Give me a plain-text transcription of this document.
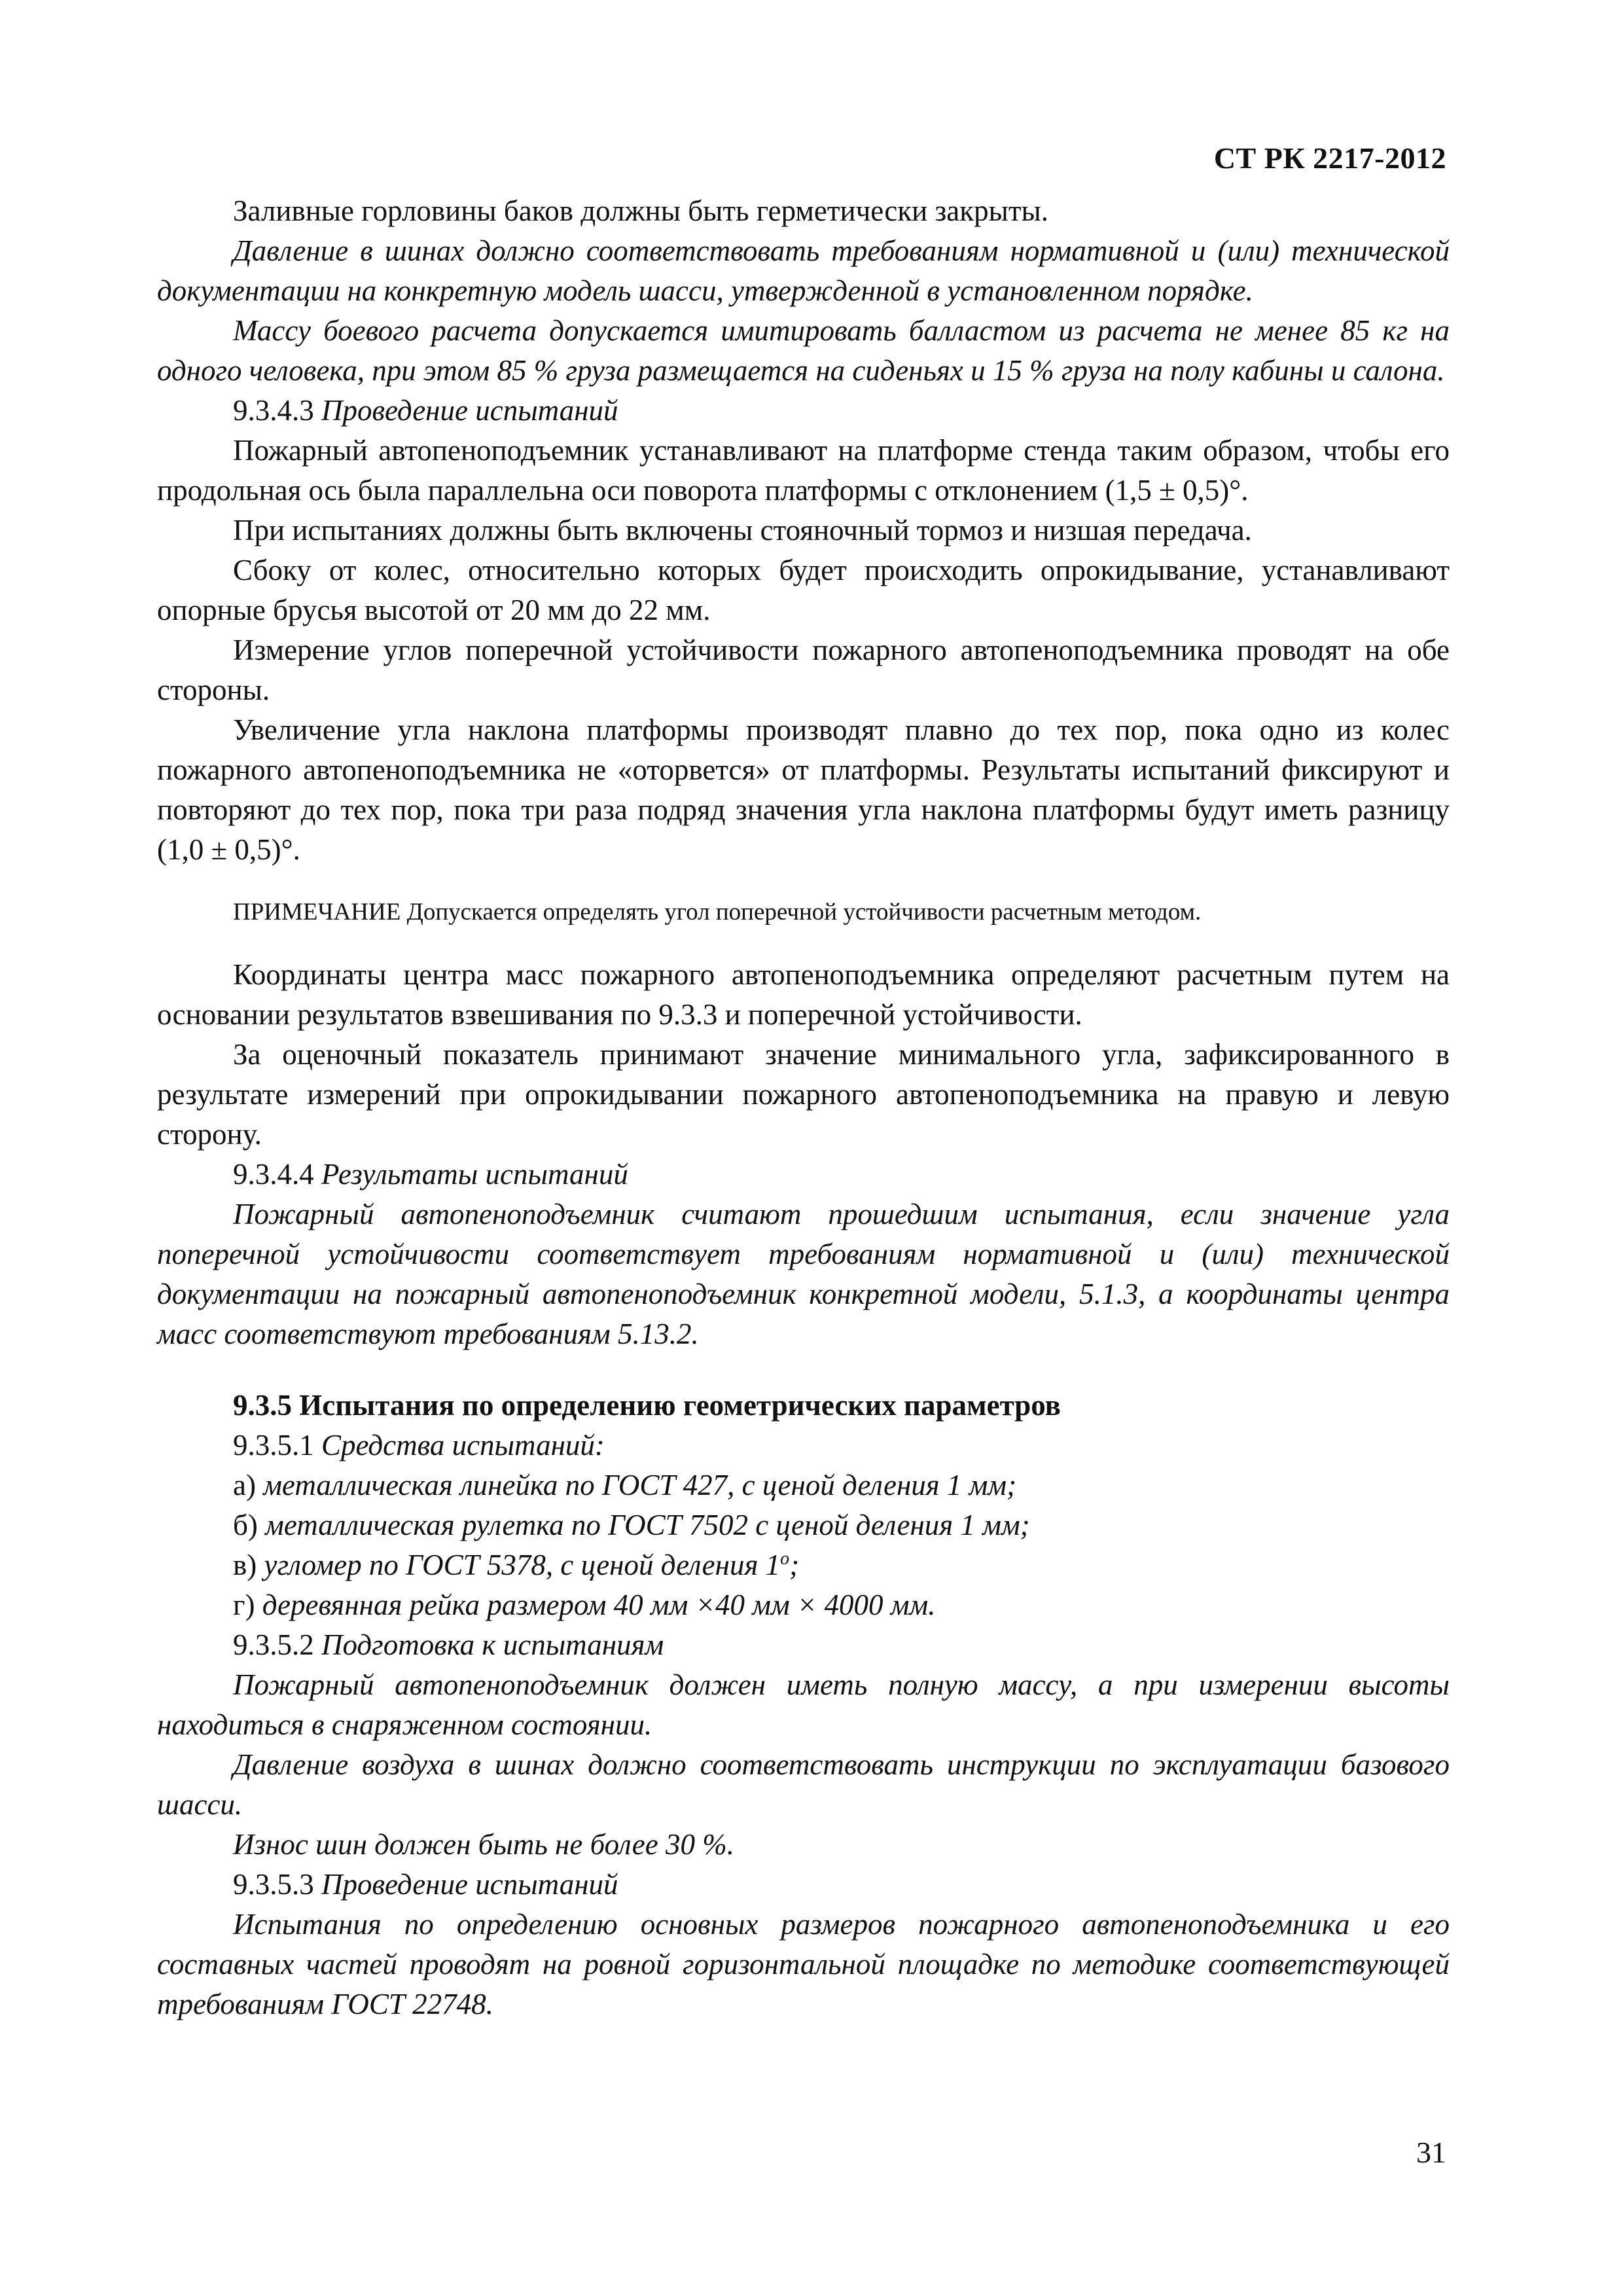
СТ РК 2217-2012

Заливные горловины баков должны быть герметически закрыты.

Давление в шинах должно соответствовать требованиям нормативной и (или) технической документации на конкретную модель шасси, утвержденной в установленном порядке.

Массу боевого расчета допускается имитировать балластом из расчета не менее 85 кг на одного человека, при этом 85 % груза размещается на сиденьях и 15 % груза на полу кабины и салона.

9.3.4.3 Проведение испытаний

Пожарный автопеноподъемник устанавливают на платформе стенда таким образом, чтобы его продольная ось была параллельна оси поворота платформы с отклонением (1,5 ± 0,5)°.

При испытаниях должны быть включены стояночный тормоз и низшая передача.

Сбоку от колес, относительно которых будет происходить опрокидывание, устанавливают опорные брусья высотой от 20 мм до 22 мм.

Измерение углов поперечной устойчивости пожарного автопеноподъемника проводят на обе стороны.

Увеличение угла наклона платформы производят плавно до тех пор, пока одно из колес пожарного автопеноподъемника не «оторвется» от платформы. Результаты испытаний фиксируют и повторяют до тех пор, пока три раза подряд значения угла наклона платформы будут иметь разницу (1,0 ± 0,5)°.

ПРИМЕЧАНИЕ Допускается определять угол поперечной устойчивости расчетным методом.

Координаты центра масс пожарного автопеноподъемника определяют расчетным путем на основании результатов взвешивания по 9.3.3 и поперечной устойчивости.

За оценочный показатель принимают значение минимального угла, зафиксированного в результате измерений при опрокидывании пожарного автопеноподъемника на правую и левую сторону.

9.3.4.4 Результаты испытаний

Пожарный автопеноподъемник считают прошедшим испытания, если значение угла поперечной устойчивости соответствует требованиям нормативной и (или) технической документации на пожарный автопеноподъемник конкретной модели, 5.1.3, а координаты центра масс соответствуют требованиям 5.13.2.

9.3.5 Испытания по определению геометрических параметров

9.3.5.1 Средства испытаний:

а) металлическая линейка по ГОСТ 427, с ценой деления 1 мм;

б) металлическая рулетка по ГОСТ 7502 с ценой деления 1 мм;

в) угломер по ГОСТ 5378, с ценой деления $1^о$;

г) деревянная рейка размером 40 мм ×40 мм × 4000 мм.

9.3.5.2 Подготовка к испытаниям

Пожарный автопеноподъемник должен иметь полную массу, а при измерении высоты находиться в снаряженном состоянии.

Давление воздуха в шинах должно соответствовать инструкции по эксплуатации базового шасси.

Износ шин должен быть не более 30 %.

9.3.5.3 Проведение испытаний

Испытания по определению основных размеров пожарного автопеноподъемника и его составных частей проводят на ровной горизонтальной площадке по методике соответствующей требованиям ГОСТ 22748.

31
